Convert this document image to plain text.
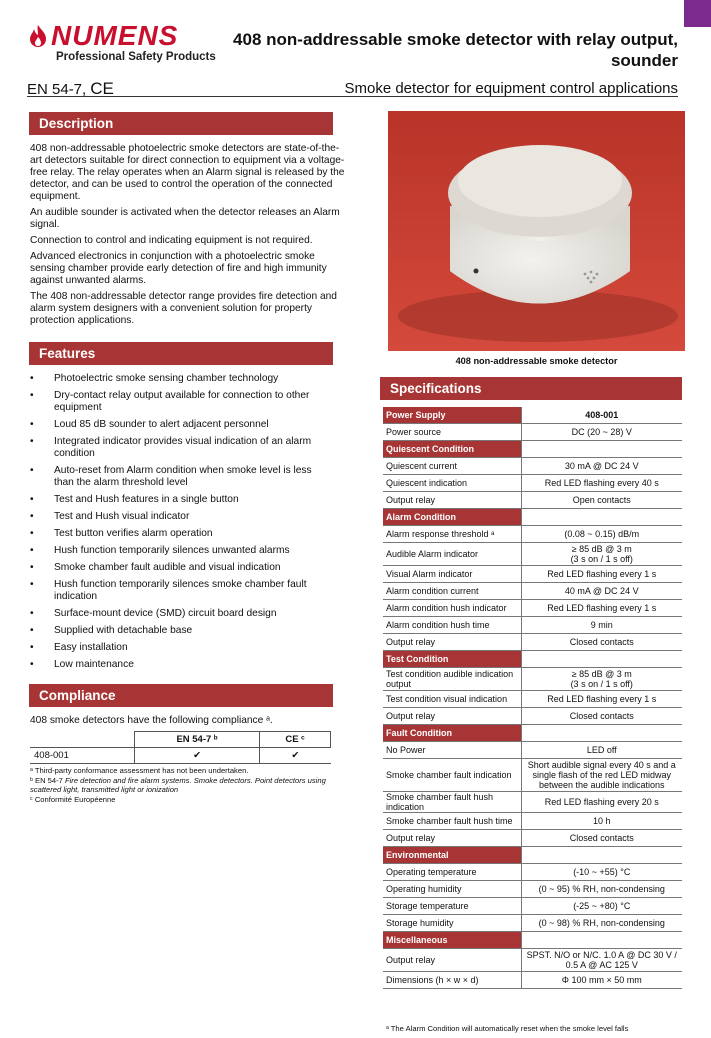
NUMENS
Professional Safety Products
408 non-addressable smoke detector with relay output, sounder
EN 54-7, CE	Smoke detector for equipment control applications
Description

408 non-addressable photoelectric smoke detectors are state-of-the-art detectors suitable for direct connection to equipment via a voltage-free relay. The relay operates when an Alarm signal is released by the detector, and can be used to control the operation of the connected equipment.

An audible sounder is activated when the detector releases an Alarm signal.

Connection to control and indicating equipment is not required.

Advanced electronics in conjunction with a photoelectric smoke sensing chamber provide early detection of fire and high immunity against unwanted alarms.

The 408 non-addressable detector range provides fire detection and alarm system designers with a convenient solution for property protection applications.

Features
• Photoelectric smoke sensing chamber technology
• Dry-contact relay output available for connection to other equipment
• Loud 85 dB sounder to alert adjacent personnel
• Integrated indicator provides visual indication of an alarm condition
• Auto-reset from Alarm condition when smoke level is less than the alarm threshold level
• Test and Hush features in a single button
• Test and Hush visual indicator
• Test button verifies alarm operation
• Hush function temporarily silences unwanted alarms
• Smoke chamber fault audible and visual indication
• Hush function temporarily silences smoke chamber fault indication
• Surface-mount device (SMD) circuit board design
• Supplied with detachable base
• Easy installation
• Low maintenance
Compliance
408 smoke detectors have the following compliance ᵃ.
	EN 54-7 ᵇ	CE ᶜ
408-001	✔	✔
ᵃ Third-party conformance assessment has not been undertaken.
ᵇ EN 54-7 Fire detection and fire alarm systems. Smoke detectors. Point detectors using scattered light, transmitted light or ionization
ᶜ Conformité Européenne
408 non-addressable smoke detector
Specifications
Power Supply	408-001
Power source	DC (20 ~ 28) V
Quiescent Condition	
Quiescent current	30 mA @ DC 24 V
Quiescent indication	Red LED flashing every 40 s
Output relay	Open contacts
Alarm Condition	
Alarm response threshold ᵃ	(0.08 ~ 0.15) dB/m
Audible Alarm indicator	≥ 85 dB @ 3 m
(3 s on / 1 s off)
Visual Alarm indicator	Red LED flashing every 1 s
Alarm condition current	40 mA @ DC 24 V
Alarm condition hush indicator	Red LED flashing every 1 s
Alarm condition hush time	9 min
Output relay	Closed contacts
Test Condition	
Test condition audible indication output	≥ 85 dB @ 3 m
(3 s on / 1 s off)
Test condition visual indication	Red LED flashing every 1 s
Output relay	Closed contacts
Fault Condition	
No Power	LED off
Smoke chamber fault indication	Short audible signal every 40 s and a single flash of the red LED midway between the audible indications
Smoke chamber fault hush indication	Red LED flashing every 20 s
Smoke chamber fault hush time	10 h
Output relay	Closed contacts
Environmental	
Operating temperature	(-10 ~ +55) °C
Operating humidity	(0 ~ 95) % RH, non-condensing
Storage temperature	(-25 ~ +80) °C
Storage humidity	(0 ~ 98) % RH, non-condensing
Miscellaneous	
Output relay	SPST. N/O or N/C. 1.0 A @ DC 30 V / 0.5 A @ AC 125 V
Dimensions (h × w × d)	Φ 100 mm × 50 mm
ᵃ The Alarm Condition will automatically reset when the smoke level falls
